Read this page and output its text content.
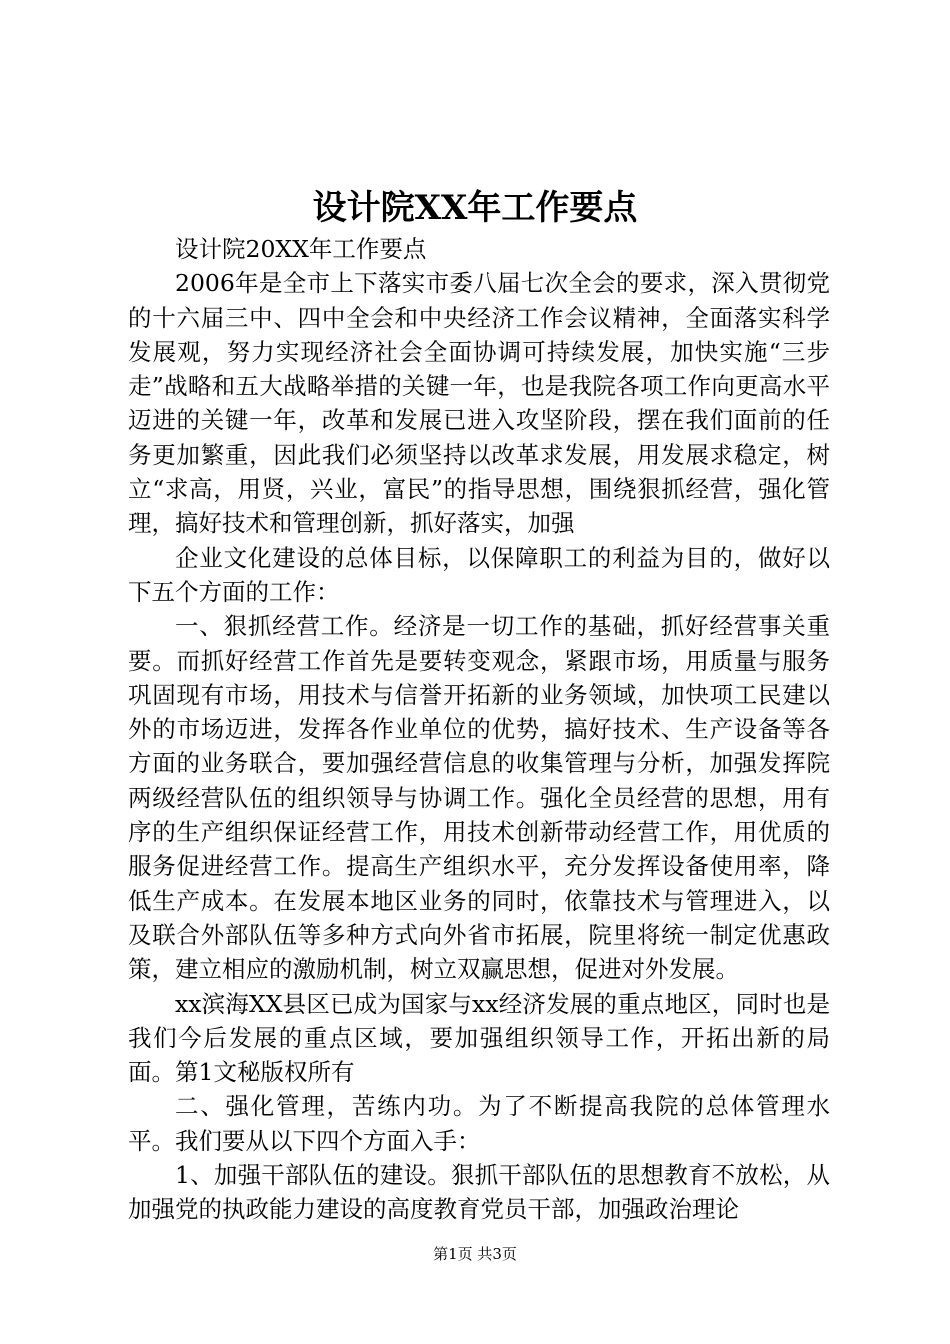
设计院XX年工作要点

设计院20XX年工作要点

2006年是全市上下落实市委八届七次全会的要求，深入贯彻党的十六届三中、四中全会和中央经济工作会议精神，全面落实科学发展观，努力实现经济社会全面协调可持续发展，加快实施“三步走”战略和五大战略举措的关键一年，也是我院各项工作向更高水平迈进的关键一年，改革和发展已进入攻坚阶段，摆在我们面前的任务更加繁重，因此我们必须坚持以改革求发展，用发展求稳定，树立“求高，用贤，兴业，富民”的指导思想，围绕狠抓经营，强化管理，搞好技术和管理创新，抓好落实，加强

企业文化建设的总体目标，以保障职工的利益为目的，做好以下五个方面的工作：

一、狠抓经营工作。经济是一切工作的基础，抓好经营事关重要。而抓好经营工作首先是要转变观念，紧跟市场，用质量与服务巩固现有市场，用技术与信誉开拓新的业务领域，加快项工民建以外的市场迈进，发挥各作业单位的优势，搞好技术、生产设备等各方面的业务联合，要加强经营信息的收集管理与分析，加强发挥院两级经营队伍的组织领导与协调工作。强化全员经营的思想，用有序的生产组织保证经营工作，用技术创新带动经营工作，用优质的服务促进经营工作。提高生产组织水平，充分发挥设备使用率，降低生产成本。在发展本地区业务的同时，依靠技术与管理进入，以及联合外部队伍等多种方式向外省市拓展，院里将统一制定优惠政策，建立相应的激励机制，树立双赢思想，促进对外发展。

xx滨海XX县区已成为国家与xx经济发展的重点地区，同时也是我们今后发展的重点区域，要加强组织领导工作，开拓出新的局面。第1文秘版权所有

二、强化管理，苦练内功。为了不断提高我院的总体管理水平。我们要从以下四个方面入手：

1、加强干部队伍的建设。狠抓干部队伍的思想教育不放松，从加强党的执政能力建设的高度教育党员干部，加强政治理论

第1页 共3页
